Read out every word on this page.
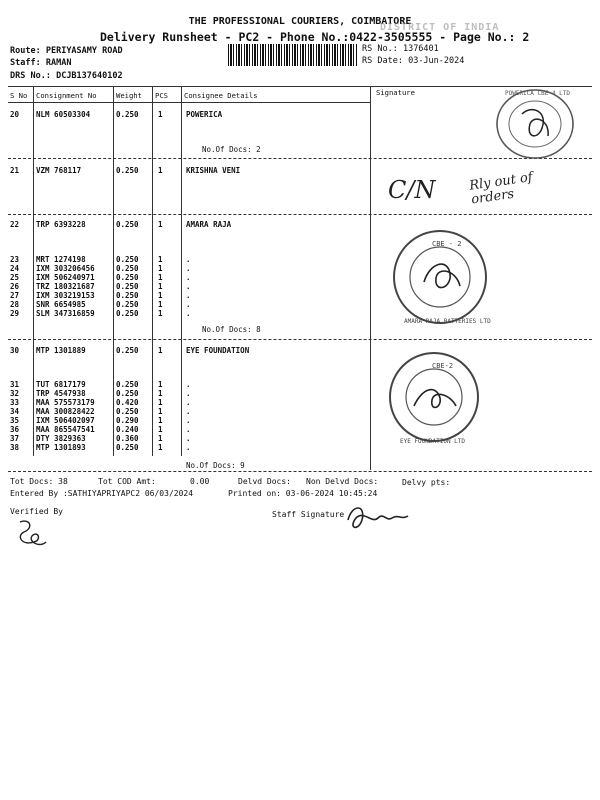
THE PROFESSIONAL COURIERS, COIMBATORE
Delivery Runsheet - PC2 - Phone No.:0422-3505555 - Page No.: 2
DISTRICT OF INDIA
Route: PERIYASAMY ROAD
Staff: RAMAN
DRS No.: DCJB137640102
RS No.: 1376401
RS Date: 03-Jun-2024
S No Consignment No	Weight PCS Consignee Details	Signature
20 NLM 60503304	0.250	1	POWERICA
21 VZM 768117	0.250	1	KRISHNA VENI
22 TRP 6393228	0.250	1	AMARA RAJA
23 MRT 1274198	0.250	1	.
24 IXM 303206456	0.250	1	.
25 IXM 506240971	0.250	1	.
26 TRZ 180321687	0.250	1	.
27 IXM 303219153	0.250	1	.
28 SNR 6654985	0.250	1	.
29 SLM 347316859	0.250	1	.
30 MTP 1301889	0.250	1	EYE FOUNDATION
31 TUT 6817179	0.250	1	.
32 TRP 4547938	0.250	1	.
33 MAA 575573179	0.420	1	.
34 MAA 300828422	0.250	1	.
35 IXM 506402097	0.290	1	.
36 MAA 865547541	0.240	1	.
37 DTY 3829363	0.360	1	.
38 MTP 1301893	0.250	1	.
No.Of Docs: 2
No.Of Docs: 8
No.Of Docs: 9
POWERICA CBE-4 LTD
C/N	Rly out of orders
CBE - 2
AMARA RAJA BATTERIES LTD
CBE-2
EYE FOUNDATION LTD
Tot Docs: 38	Tot COD Amt:	0.00	Delvd Docs: Non Delvd Docs:	Delvy pts:
Entered By :SATHIYAPRIYAPC2 06/03/2024	Printed on: 03-06-2024 10:45:24
Verified By	Staff Signature
